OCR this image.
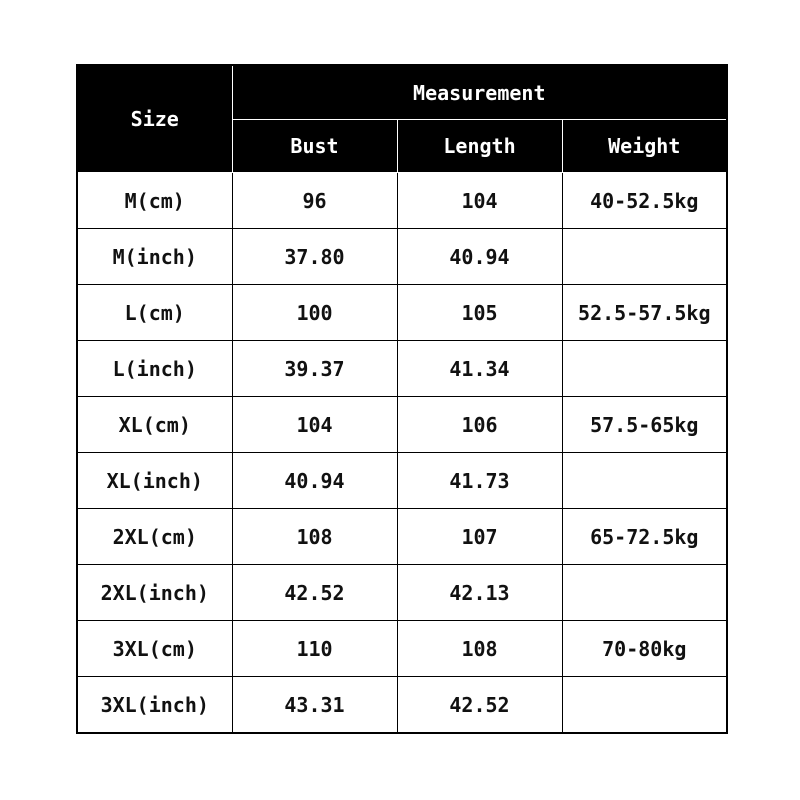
Size	Measurement		
	Bust	Length	Weight
M(cm)	96	104	40-52.5kg
M(inch)	37.80	40.94	
L(cm)	100	105	52.5-57.5kg
L(inch)	39.37	41.34	
XL(cm)	104	106	57.5-65kg
XL(inch)	40.94	41.73	
2XL(cm)	108	107	65-72.5kg
2XL(inch)	42.52	42.13	
3XL(cm)	110	108	70-80kg
3XL(inch)	43.31	42.52	
